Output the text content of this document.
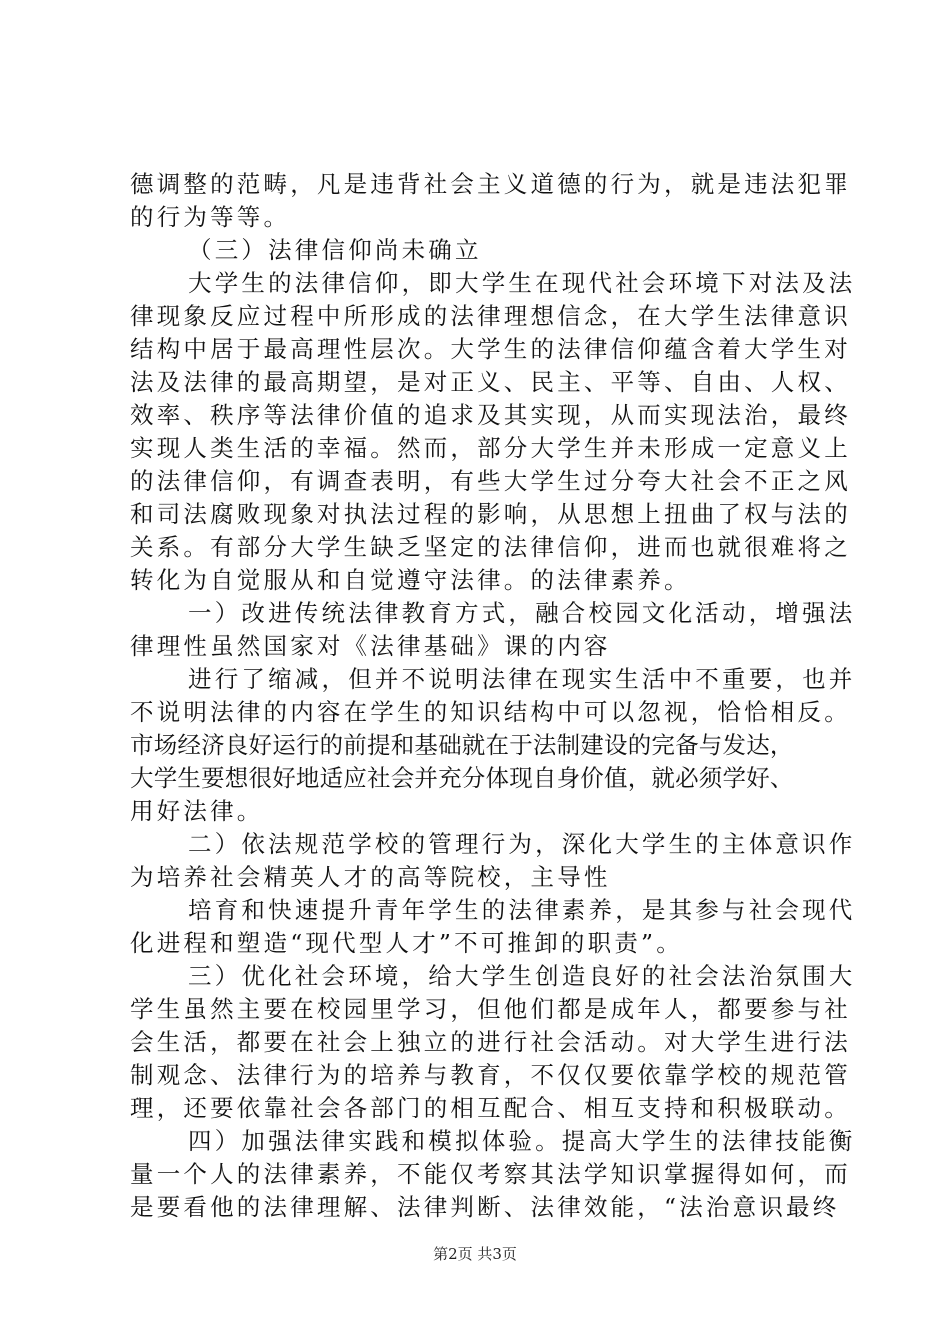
德调整的范畴，凡是违背社会主义道德的行为，就是违法犯罪
的行为等等。
（三）法律信仰尚未确立
大学生的法律信仰，即大学生在现代社会环境下对法及法
律现象反应过程中所形成的法律理想信念，在大学生法律意识
结构中居于最高理性层次。大学生的法律信仰蕴含着大学生对
法及法律的最高期望，是对正义、民主、平等、自由、人权、
效率、秩序等法律价值的追求及其实现，从而实现法治，最终
实现人类生活的幸福。然而，部分大学生并未形成一定意义上
的法律信仰，有调查表明，有些大学生过分夸大社会不正之风
和司法腐败现象对执法过程的影响，从思想上扭曲了权与法的
关系。有部分大学生缺乏坚定的法律信仰，进而也就很难将之
转化为自觉服从和自觉遵守法律。的法律素养。
一）改进传统法律教育方式，融合校园文化活动，增强法
律理性虽然国家对《法律基础》课的内容
进行了缩减，但并不说明法律在现实生活中不重要，也并
不说明法律的内容在学生的知识结构中可以忽视，恰恰相反。
市场经济良好运行的前提和基础就在于法制建设的完备与发达，
大学生要想很好地适应社会并充分体现自身价值，就必须学好、
用好法律。
二）依法规范学校的管理行为，深化大学生的主体意识作
为培养社会精英人才的高等院校，主导性
培育和快速提升青年学生的法律素养，是其参与社会现代
化进程和塑造“现代型人才”不可推卸的职责”。
三）优化社会环境，给大学生创造良好的社会法治氛围大
学生虽然主要在校园里学习，但他们都是成年人，都要参与社
会生活，都要在社会上独立的进行社会活动。对大学生进行法
制观念、法律行为的培养与教育，不仅仅要依靠学校的规范管
理，还要依靠社会各部门的相互配合、相互支持和积极联动。
四）加强法律实践和模拟体验。提高大学生的法律技能衡
量一个人的法律素养，不能仅考察其法学知识掌握得如何，而
是要看他的法律理解、法律判断、法律效能，“法治意识最终
第2页 共3页
